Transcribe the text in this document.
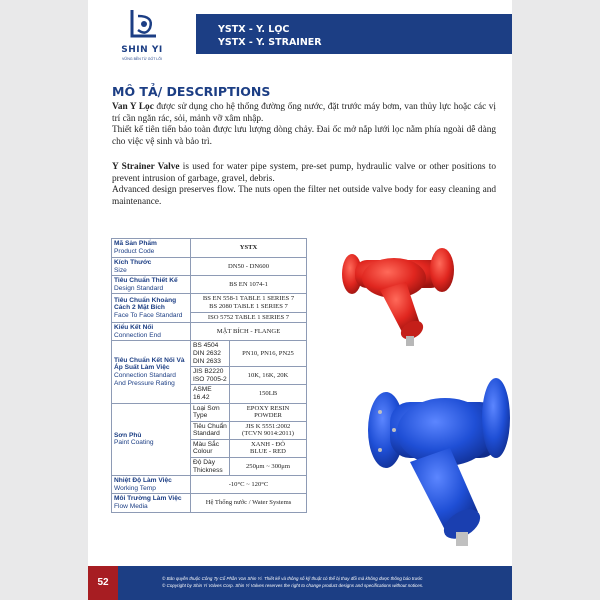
SHIN YI
VỮNG BỀN TỪ GỐT LÕI
YSTX - Y. LỌC
YSTX - Y. STRAINER
MÔ TẢ/ DESCRIPTIONS
Van Y Lọc được sử dụng cho hệ thống đường ống nước, đặt trước máy bơm, van thủy lực hoặc các vị trí cần ngăn rác, sỏi, mảnh vỡ xâm nhập.
Thiết kế tiên tiến bảo toàn được lưu lượng dòng chảy. Đai ốc mở nắp lưới lọc nằm phía ngoài dễ dàng cho việc vệ sinh và bảo trì.
Y Strainer Valve is used for water pipe system, pre-set pump, hydraulic valve or other positions to prevent intrusion of garbage, gravel, debris.
Advanced design preserves flow. The nuts open the filter net outside valve body for easy cleaning and maintenance.
Mã Sản Phẩm
Product Code	YSTX	

Kích Thước
Size	DN50 - DN600	

Tiêu Chuẩn Thiết Kế
Design Standard	BS EN 1074-1	

Tiêu Chuẩn Khoảng Cách 2 Mặt Bích
Face To Face Standard	BS EN 558-1 TABLE 1 SERIES 7
BS 2080 TABLE 1 SERIES 7	

	ISO 5752 TABLE 1 SERIES 7	

Kiểu Kết Nối
Connection End	MẶT BÍCH - FLANGE	

Tiêu Chuẩn Kết Nối Và Áp Suất Làm Việc
Connection Standard And Pressure Rating	BS 4504
DIN 2632
DIN 2633	PN10, PN16, PN25
	JIS B2220
ISO 7005-2	10K, 16K, 20K
	ASME 16.42	150LB

Sơn Phủ
Paint Coating	Loại Sơn
Type	EPOXY RESIN
POWDER
	Tiêu Chuẩn
Standard	JIS K 5551:2002
(TCVN 9014:2011)
	Màu Sắc
Colour	XANH - ĐỎ
BLUE - RED
	Độ Dày
Thickness	250μm ~ 300μm

Nhiệt Độ Làm Việc
Working Temp	-10°C ~ 120°C	

Môi Trường Làm Việc
Flow Media	Hệ Thống nước / Water Systems	
52	© Bản quyền thuộc Công Ty Cổ Phần Van Shin Yi. Thiết kế và thông số kỹ thuật có thể bị thay đổi mà không được thông báo trước
© Copyright by Shin Yi Valves Corp. Shin Yi Valves reserves the right to change product designs and specifications without notices.
